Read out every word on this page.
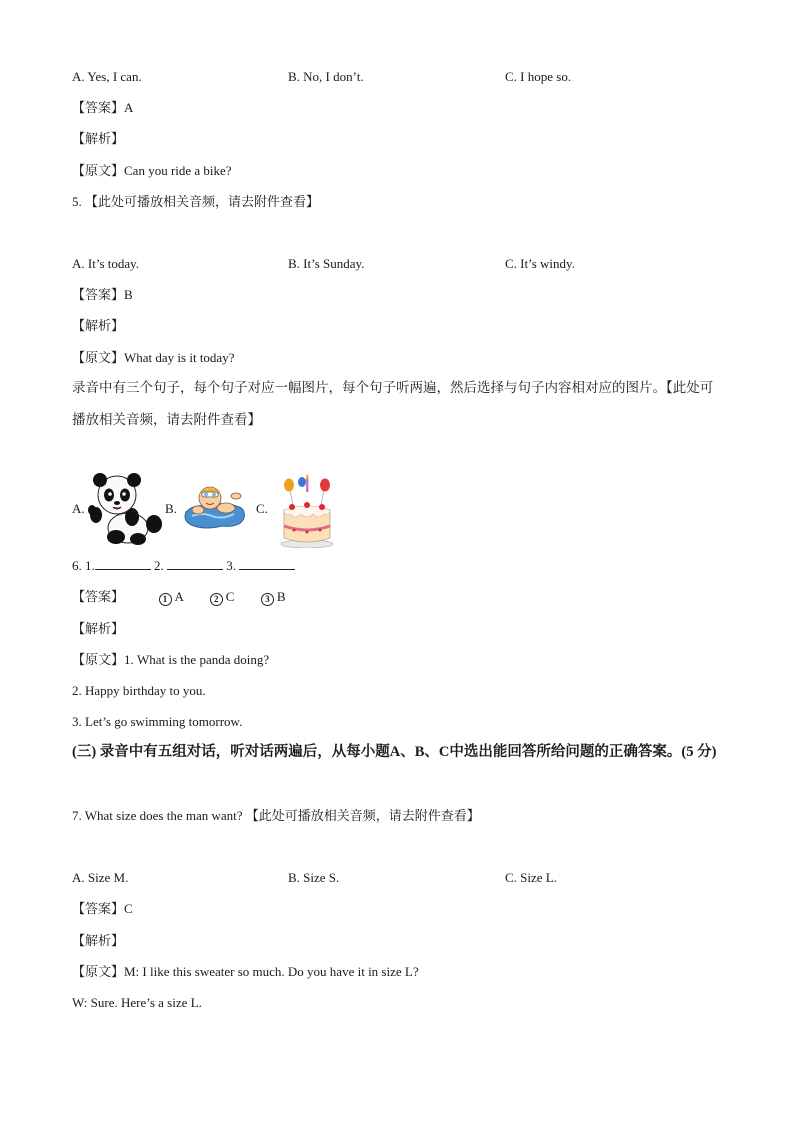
A. Yes, I can.	B. No, I don’t.	C. I hope so.
【答案】A
【解析】
【原文】Can you ride a bike?
5. 【此处可播放相关音频，请去附件查看】
A. It’s today.	B. It’s Sunday.	C. It’s windy.
【答案】B
【解析】
【原文】What day is it today?
录音中有三个句子，每个句子对应一幅图片，每个句子听两遍，然后选择与句子内容相对应的图片。【此处可播放相关音频，请去附件查看】
A.	B.	C.
6. 1.	2.	3.
【答案】	1 A	2 C	3 B
【解析】
【原文】1. What is the panda doing?
2. Happy birthday to you.
3. Let’s go swimming tomorrow.
(三) 录音中有五组对话，听对话两遍后，从每小题A、B、C中选出能回答所给问题的正确答案。(5 分)
7. What size does the man want? 【此处可播放相关音频，请去附件查看】
A. Size M.	B. Size S.	C. Size L.
【答案】C
【解析】
【原文】M: I like this sweater so much. Do you have it in size L?
W: Sure. Here’s a size L.
